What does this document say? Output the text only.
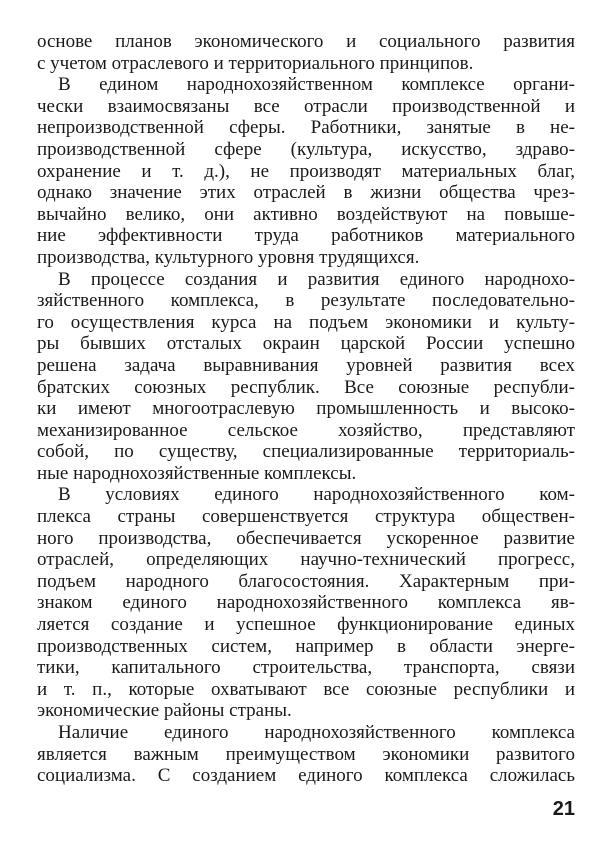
основе планов экономического и социального развития
с учетом отраслевого и территориального принципов.
В едином народнохозяйственном комплексе органи-
чески взаимосвязаны все отрасли производственной и
непроизводственной сферы. Работники, занятые в не-
производственной сфере (культура, искусство, здраво-
охранение и т. д.), не производят материальных благ,
однако значение этих отраслей в жизни общества чрез-
вычайно велико, они активно воздействуют на повыше-
ние эффективности труда работников материального
производства, культурного уровня трудящихся.
В процессе создания и развития единого народнохо-
зяйственного комплекса, в результате последовательно-
го осуществления курса на подъем экономики и культу-
ры бывших отсталых окраин царской России успешно
решена задача выравнивания уровней развития всех
братских союзных республик. Все союзные республи-
ки имеют многоотраслевую промышленность и высоко-
механизированное сельское хозяйство, представляют
собой, по существу, специализированные территориаль-
ные народнохозяйственные комплексы.
В условиях единого народнохозяйственного ком-
плекса страны совершенствуется структура обществен-
ного производства, обеспечивается ускоренное развитие
отраслей, определяющих научно-технический прогресс,
подъем народного благосостояния. Характерным при-
знаком единого народнохозяйственного комплекса яв-
ляется создание и успешное функционирование единых
производственных систем, например в области энерге-
тики, капитального строительства, транспорта, связи
и т. п., которые охватывают все союзные республики и
экономические районы страны.
Наличие единого народнохозяйственного комплекса
является важным преимуществом экономики развитого
социализма. С созданием единого комплекса сложилась
21
